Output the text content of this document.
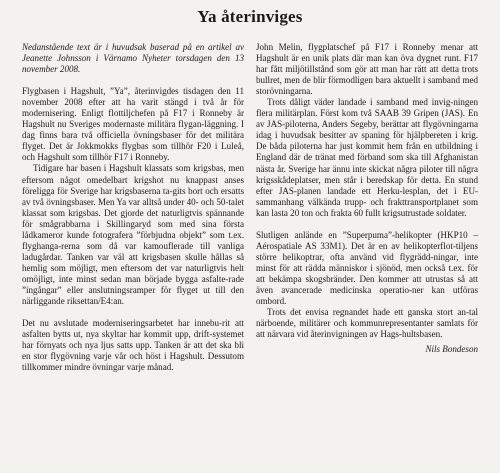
Ya återinviges

Nedanstående text är i huvudsak baserad på en artikel av Jeanette Johnsson i Värnamo Nyheter torsdagen den 13 november 2008.

Flygbasen i Hagshult, ”Ya”, återinvigdes tisdagen den 11 november 2008 efter att ha varit stängd i två år för modernisering. Enligt flottiljchefen på F17 i Ronneby är Hagshult nu Sveriges modernaste militära flygan-läggning. I dag finns bara två officiella övningsbaser för det militära flyget. Det är Jokkmokks flygbas som tillhör F20 i Luleå, och Hagshult som tillhör F17 i Ronneby.

Tidigare har basen i Hagshult klassats som krigsbas, men eftersom något omedelbart krigshot nu knappast anses föreligga för Sverige har krigsbaserna ta-gits bort och ersatts av två övningsbaser. Men Ya var alltså under 40- och 50-talet klassat som krigsbas. Det gjorde det naturligtvis spännande för smågrabbarna i Skillingaryd som med sina första lådkameror kunde fotografera ”förbjudna objekt” som t.ex. flyghanga-rerna som då var kamouflerade till vanliga ladugårdar. Tanken var väl att krigsbasen skulle hållas så hemlig som möjligt, men eftersom det var naturligtvis helt omöjligt, inte minst sedan man började bygga asfalte-rade ”ingångar” eller anslutningsramper för flyget ut till den närliggande riksettan/E4:an.

Det nu avslutade moderniseringsarbetet har innebu-rit att asfalten bytts ut, nya skyltar har kommit upp, drift-systemet har förnyats och nya ljus satts upp. Tanken är att det ska bli en stor flygövning varje vår och höst i Hagshult. Dessutom tillkommer mindre övningar varje månad.

John Melin, flygplatschef på F17 i Ronneby menar att Hagshult är en unik plats där man kan öva dygnet runt. F17 har fått miljötillstånd som gör att man har rätt att detta trots bullret, men de blir förmodligen bara aktuellt i samband med storövningarna.

Trots dåligt väder landade i samband med invig-ningen flera militärplan. Först kom två SAAB 39 Gripen (JAS). En av JAS-piloterna, Anders Segeby, berättar att flygövningarna idag i huvudsak besitter av spaning för hjälpbereten i krig. De båda piloterna har just kommit hem från en utbildning i England där de tränat med förband som ska till Afghanistan nästa år. Sverige har ännu inte skickat några piloter till några krigsskådeplatser, men står i beredskap för detta. En stund efter JAS-planen landade ett Herku-lesplan, det i EU-sammanhang välkända trupp- och frakttransportplanet som kan lasta 20 ton och frakta 60 fullt krigsutrustade soldater.

Slutligen anlände en ”Superpuma”-helikopter (HKP10 – Aérospatiale AS 33M1). Det är en av helikopterflot-tiljens större helikoptrar, ofta använd vid flygrädd-ningar, inte minst för att rädda människor i sjönöd, men också t.ex. för att bekämpa skogsbränder. Den kommer att utrustas så att även avancerade medicinska operatio-ner kan utföras ombord.

Trots det envisa regnandet hade ett ganska stort an-tal närboende, militärer och kommunrepresentanter samlats för att närvara vid återinvigningen av Hags-hultsbasen.

Nils Bondeson
